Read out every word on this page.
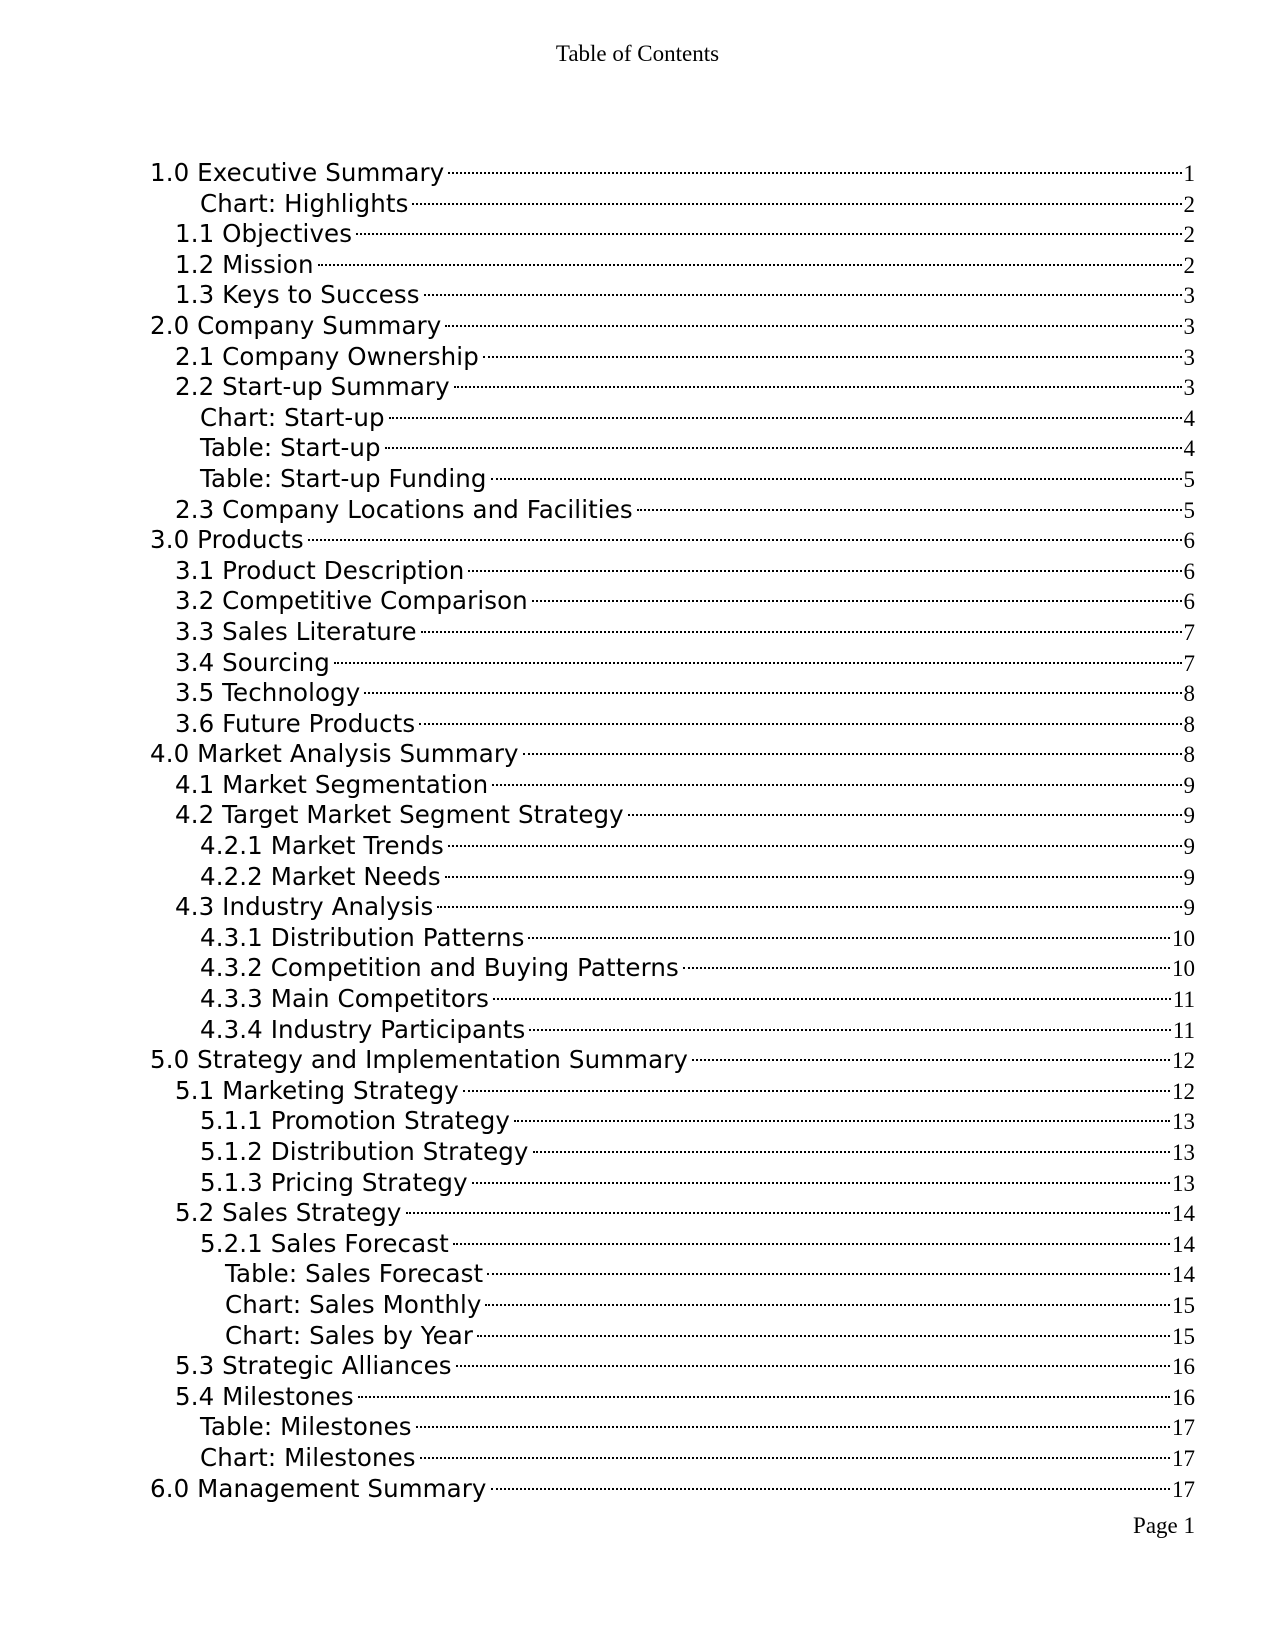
Table of Contents
1.0 Executive Summary	1
Chart: Highlights	2
1.1 Objectives	2
1.2 Mission	2
1.3 Keys to Success	3
2.0 Company Summary	3
2.1 Company Ownership	3
2.2 Start-up Summary	3
Chart: Start-up	4
Table: Start-up	4
Table: Start-up Funding	5
2.3 Company Locations and Facilities	5
3.0 Products	6
3.1 Product Description	6
3.2 Competitive Comparison	6
3.3 Sales Literature	7
3.4 Sourcing	7
3.5 Technology	8
3.6 Future Products	8
4.0 Market Analysis Summary	8
4.1 Market Segmentation	9
4.2 Target Market Segment Strategy	9
4.2.1 Market Trends	9
4.2.2 Market Needs	9
4.3 Industry Analysis	9
4.3.1 Distribution Patterns	10
4.3.2 Competition and Buying Patterns	10
4.3.3 Main Competitors	11
4.3.4 Industry Participants	11
5.0 Strategy and Implementation Summary	12
5.1 Marketing Strategy	12
5.1.1 Promotion Strategy	13
5.1.2 Distribution Strategy	13
5.1.3 Pricing Strategy	13
5.2 Sales Strategy	14
5.2.1 Sales Forecast	14
Table: Sales Forecast	14
Chart: Sales Monthly	15
Chart: Sales by Year	15
5.3 Strategic Alliances	16
5.4 Milestones	16
Table: Milestones	17
Chart: Milestones	17
6.0 Management Summary	17
Page 1
